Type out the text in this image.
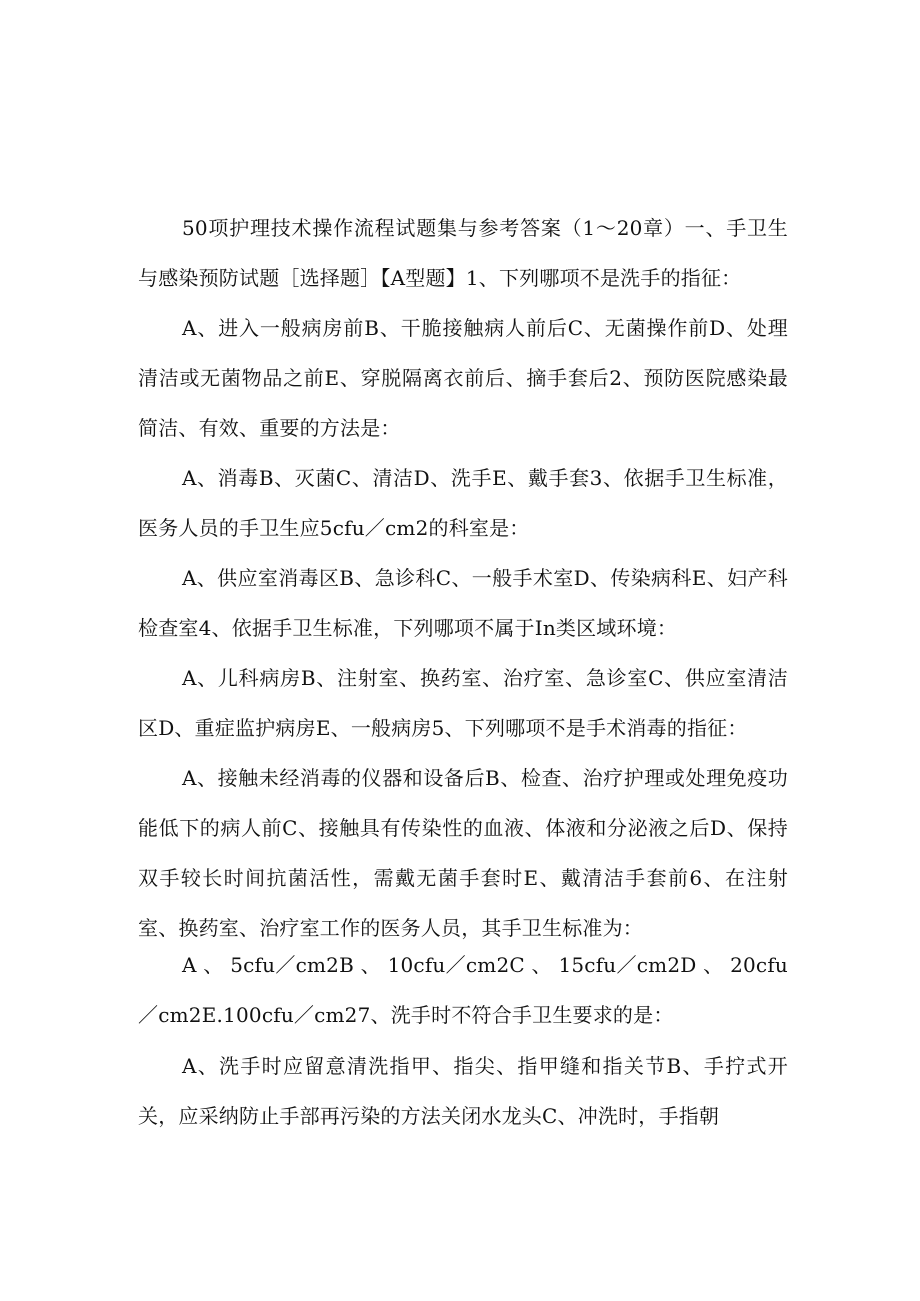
50项护理技术操作流程试题集与参考答案（1～20章）一、手卫生与感染预防试题［选择题］【A型题】1、下列哪项不是洗手的指征：

A、进入一般病房前B、干脆接触病人前后C、无菌操作前D、处理清洁或无菌物品之前E、穿脱隔离衣前后、摘手套后2、预防医院感染最简洁、有效、重要的方法是：

A、消毒B、灭菌C、清洁D、洗手E、戴手套3、依据手卫生标准，医务人员的手卫生应5cfu／cm2的科室是：

A、供应室消毒区B、急诊科C、一般手术室D、传染病科E、妇产科检查室4、依据手卫生标准，下列哪项不属于In类区域环境：

A、儿科病房B、注射室、换药室、治疗室、急诊室C、供应室清洁区D、重症监护病房E、一般病房5、下列哪项不是手术消毒的指征：

A、接触未经消毒的仪器和设备后B、检查、治疗护理或处理免疫功能低下的病人前C、接触具有传染性的血液、体液和分泌液之后D、保持双手较长时间抗菌活性，需戴无菌手套时E、戴清洁手套前6、在注射室、换药室、治疗室工作的医务人员，其手卫生标准为：

A 、 5cfu／cm2B 、 10cfu／cm2C 、 15cfu／cm2D 、 20cfu／cm2E.100cfu／cm27、洗手时不符合手卫生要求的是：

A、洗手时应留意清洗指甲、指尖、指甲缝和指关节B、手拧式开关，应采纳防止手部再污染的方法关闭水龙头C、冲洗时，手指朝
